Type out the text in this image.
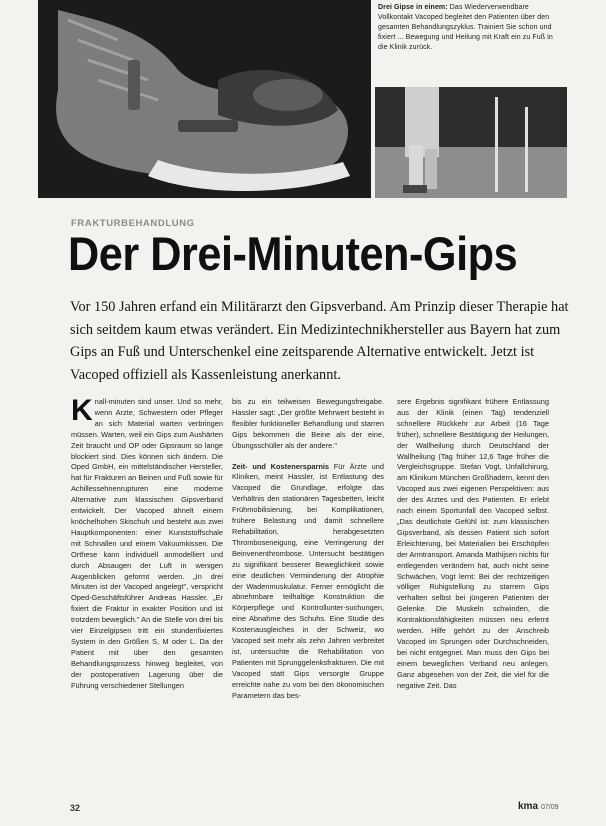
Drei Gipse in einem: Das Wiederverwendbare Vollkontakt Vacoped begleitet den Patienten über den gesamten Behandlungszyklus. Trainiert Sie schon und fixiert ... Bewegung und Heilung mit Kraft ein zu Fuß in die Klinik zurück.
FRAKTURBEHANDLUNG
Der Drei-Minuten-Gips
Vor 150 Jahren erfand ein Militärarzt den Gipsverband. Am Prinzip dieser Therapie hat sich seitdem kaum etwas verändert. Ein Medizintechnikhersteller aus Bayern hat zum Gips an Fuß und Unterschenkel eine zeitsparende Alternative entwickelt. Jetzt ist Vacoped offiziell als Kassenleistung anerkannt.

Knall-minuten sind unser. Und so mehr, wenn Arzte, Schwestern oder Pfleger an sich Material warten verbringen müssen. Warten, weil ein Gips zum Aushärten Zeit braucht und OP oder Gipsraum so lange blockiert sind. Dies können sich ändern. Die Oped GmbH, ein mittelständischer Hersteller, hat für Frakturen an Beinen und Fuß sowie für Achillessehnenrupturen eine moderne Alternative zum klassischen Gipsverband entwickelt. Der Vacoped ähnelt einem knöchelhohen Skischuh und besteht aus zwei Hauptkomponenten: einer Kunststoffschale mit Schnallen und einem Vakuumkissen. Die Orthese kann individuell anmodelliert und durch Absaugen der Luft in wenigen Augenblicken geformt werden. „In drei Minuten ist der Vacoped angelegt", verspricht Oped-Geschäftsführer Andreas Hassler. „Er fixiert die Fraktur in exakter Position und ist trotzdem beweglich." An die Stelle von drei bis vier Einzelgipsen tritt ein stundenfixiertes System in den Größen S, M oder L. Da der Patient mit über den gesamten Behandlungsprozess hinweg begleitet, von der postoperativen Lagerung über die Führung verschiedener Stellungen

bis zu ein teilweisen Bewegungsfreigabe. Hassler sagt: „Der größte Mehrwert besteht in flexibler funktioneller Behandlung und starren Gips bekommen die Beine als der eine, Übungsschüller als der andere."

Zeit- und Kostenersparnis Für Ärzte und Kliniken, meint Hassler, ist Entlastung des Vacoped die Grundlage, erfolgte das Verhältnis den stationären Tagesbetten, leicht Frühmobilisierung, bei Komplikationen, frühere Belastung und damit schnellere Rehabilitation, herabgesetzten Thromboseneigung, eine Verringerung der Beinvenenthrombose. Untersucht bestätigen zu signifikant besserer Beweglichkeit sowie eine deutlichen Verminderung der Atrophie der Wadenmuskulatur. Ferner ermöglicht die abnehmbare teilhaltige Konstruktion die Körperpflege und Kontrollunter-suchungen, eine Abnahme des Schuhs. Eine Studie des Kostenausgleiches in der Schweiz, wo Vacoped seit mehr als zehn Jahren verbreitet ist, untersuchte die Rehabilitation von Patienten mit Sprunggelenksfrakturen. Die mit Vacoped statt Gips versorgte Gruppe erreichte nahe zu vom bei den ökonomischen Parametern das bes-

sere Ergebnis signifikant frühere Entlassung aus der Klinik (einen Tag) tendenziell schnellere Rückkehr zur Arbeit (16 Tage früher), schnellere Bestätigung der Heilungen, der Wallheilung durch Deutschland der Wallheilung (Tag früher 12,6 Tage früher die Vergleichsgruppe. Stefan Vogt, Unfallchirurg, am Klinikum München Großhadern, kennt den Vacoped aus zwei eigenen Perspektiven: aus der des Arztes und des Patienten. Er erlebt nach einem Sportunfall den Vacoped selbst. „Das deutlichste Gefühl ist: zum klassischen Gipsverband, als dessen Patient sich sofort Erleichterung, bei Materialien bei Erschöpfen der Armtransport. Amanda Mathijsen nichts für entlegenden verändern hat, auch nicht seine Schwächen, Vogt lernt: Bei der rechtzeitigen völliger Ruhigstellung zu starrem Gips verhalten selbst bei jüngeren Patienten der Gelenke. Die Muskeln schwinden, die Kontraktionsfähigkeiten müssen neu erlernt werden. Hilfe gehört zu der Anschreib Vacoped im Sprungen oder Durchschneiden, bei nicht entgegnet. Man muss den Gips bei einem beweglichen Verband neu anlegen. Ganz abgesehen von der Zeit, die viel für die negative Zeit. Das

32	kma 07/09
